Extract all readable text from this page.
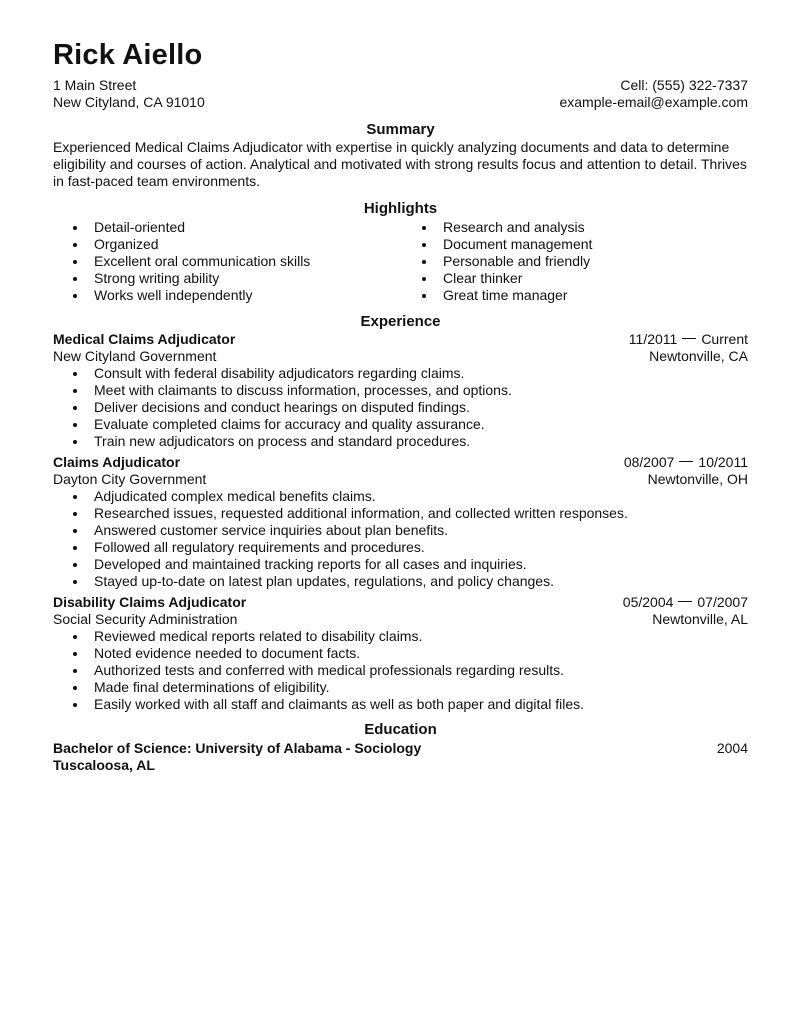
Rick Aiello
1 Main Street
New Cityland, CA 91010
Cell: (555) 322-7337
example-email@example.com
Summary
Experienced Medical Claims Adjudicator with expertise in quickly analyzing documents and data to determine eligibility and courses of action. Analytical and motivated with strong results focus and attention to detail. Thrives in fast-paced team environments.
Highlights
Detail-oriented
Organized
Excellent oral communication skills
Strong writing ability
Works well independently
Research and analysis
Document management
Personable and friendly
Clear thinker
Great time manager
Experience
Medical Claims Adjudicator	11/2011 Current
New Cityland Government	Newtonville, CA
Consult with federal disability adjudicators regarding claims.
Meet with claimants to discuss information, processes, and options.
Deliver decisions and conduct hearings on disputed findings.
Evaluate completed claims for accuracy and quality assurance.
Train new adjudicators on process and standard procedures.
Claims Adjudicator	08/2007 10/2011
Dayton City Government	Newtonville, OH
Adjudicated complex medical benefits claims.
Researched issues, requested additional information, and collected written responses.
Answered customer service inquiries about plan benefits.
Followed all regulatory requirements and procedures.
Developed and maintained tracking reports for all cases and inquiries.
Stayed up-to-date on latest plan updates, regulations, and policy changes.
Disability Claims Adjudicator	05/2004 07/2007
Social Security Administration	Newtonville, AL
Reviewed medical reports related to disability claims.
Noted evidence needed to document facts.
Authorized tests and conferred with medical professionals regarding results.
Made final determinations of eligibility.
Easily worked with all staff and claimants as well as both paper and digital files.
Education
Bachelor of Science: University of Alabama - Sociology	2004
Tuscaloosa, AL
